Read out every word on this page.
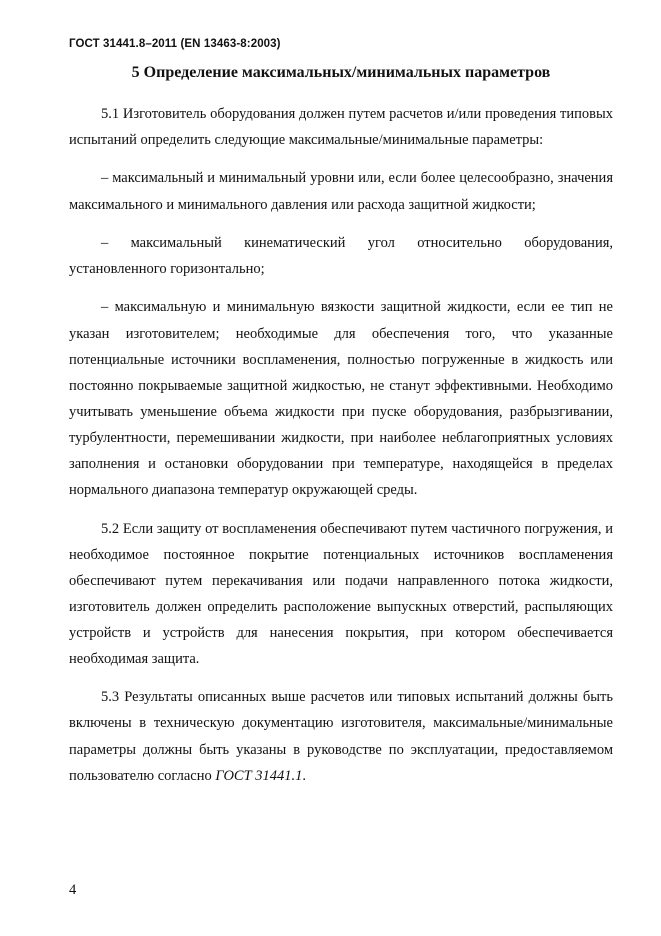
ГОСТ 31441.8–2011 (EN 13463-8:2003)
5 Определение максимальных/минимальных параметров

5.1 Изготовитель оборудования должен путем расчетов и/или проведения типовых испытаний определить следующие максимальные/минимальные параметры:

– максимальный и минимальный уровни или, если более целесообразно, значения максимального и минимального давления или расхода защитной жидкости;

– максимальный кинематический угол относительно оборудования, установленного горизонтально;

– максимальную и минимальную вязкости защитной жидкости, если ее тип не указан изготовителем; необходимые для обеспечения того, что указанные потенциальные источники воспламенения, полностью погруженные в жидкость или постоянно покрываемые защитной жидкостью, не станут эффективными. Необходимо учитывать уменьшение объема жидкости при пуске оборудования, разбрызгивании, турбулентности, перемешивании жидкости, при наиболее неблагоприятных условиях заполнения и остановки оборудовании при температуре, находящейся в пределах нормального диапазона температур окружающей среды.

5.2 Если защиту от воспламенения обеспечивают путем частичного погружения, и необходимое постоянное покрытие потенциальных источников воспламенения обеспечивают путем перекачивания или подачи направленного потока жидкости, изготовитель должен определить расположение выпускных отверстий, распыляющих устройств и устройств для нанесения покрытия, при котором обеспечивается необходимая защита.

5.3 Результаты описанных выше расчетов или типовых испытаний должны быть включены в техническую документацию изготовителя, максимальные/минимальные параметры должны быть указаны в руководстве по эксплуатации, предоставляемом пользователю согласно ГОСТ 31441.1.

4
